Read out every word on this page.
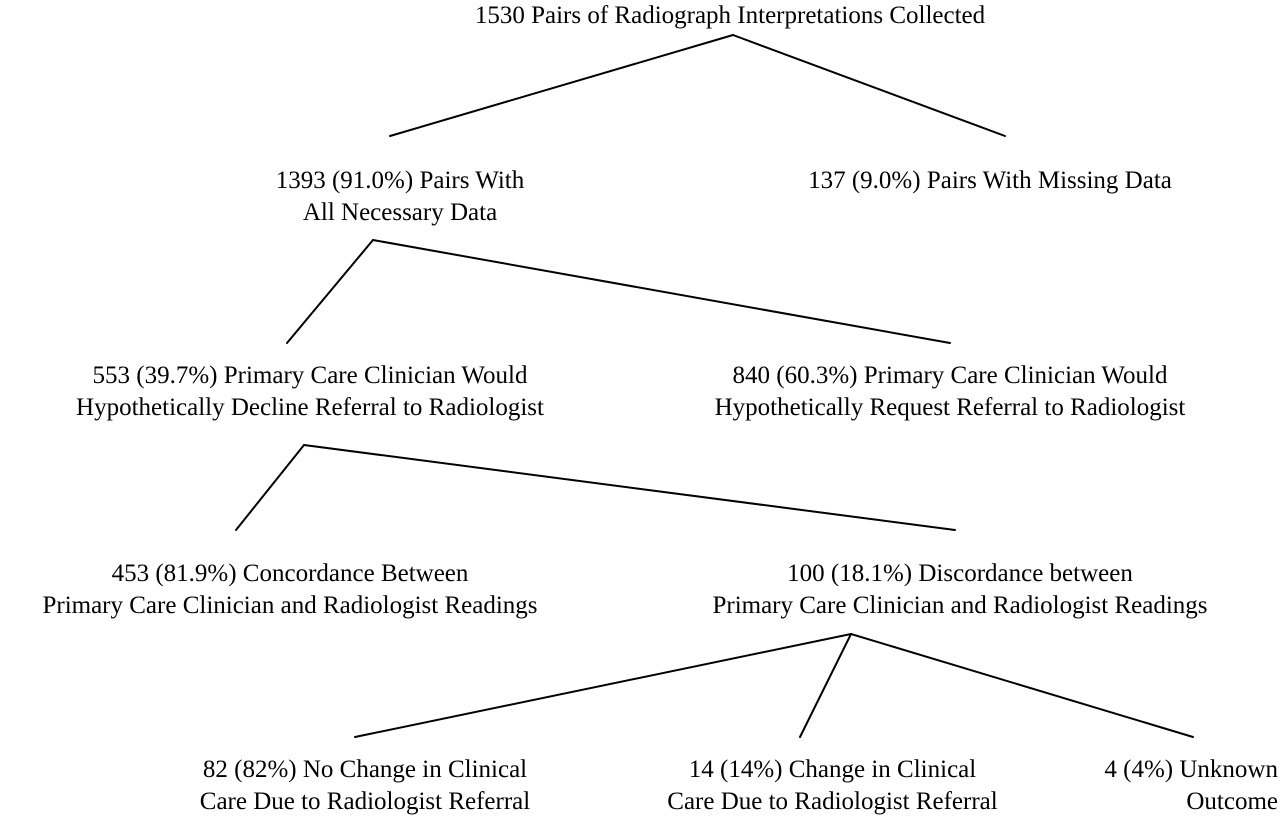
1530 Pairs of Radiograph Interpretations Collected
1393 (91.0%) Pairs With
All Necessary Data
137 (9.0%) Pairs With Missing Data
553 (39.7%) Primary Care Clinician Would
Hypothetically Decline Referral to Radiologist
840 (60.3%) Primary Care Clinician Would
Hypothetically Request Referral to Radiologist
453 (81.9%) Concordance Between
Primary Care Clinician and Radiologist Readings
100 (18.1%) Discordance between
Primary Care Clinician and Radiologist Readings
82 (82%) No Change in Clinical
Care Due to Radiologist Referral
14 (14%) Change in Clinical
Care Due to Radiologist Referral
4 (4%) Unknown
Outcome
